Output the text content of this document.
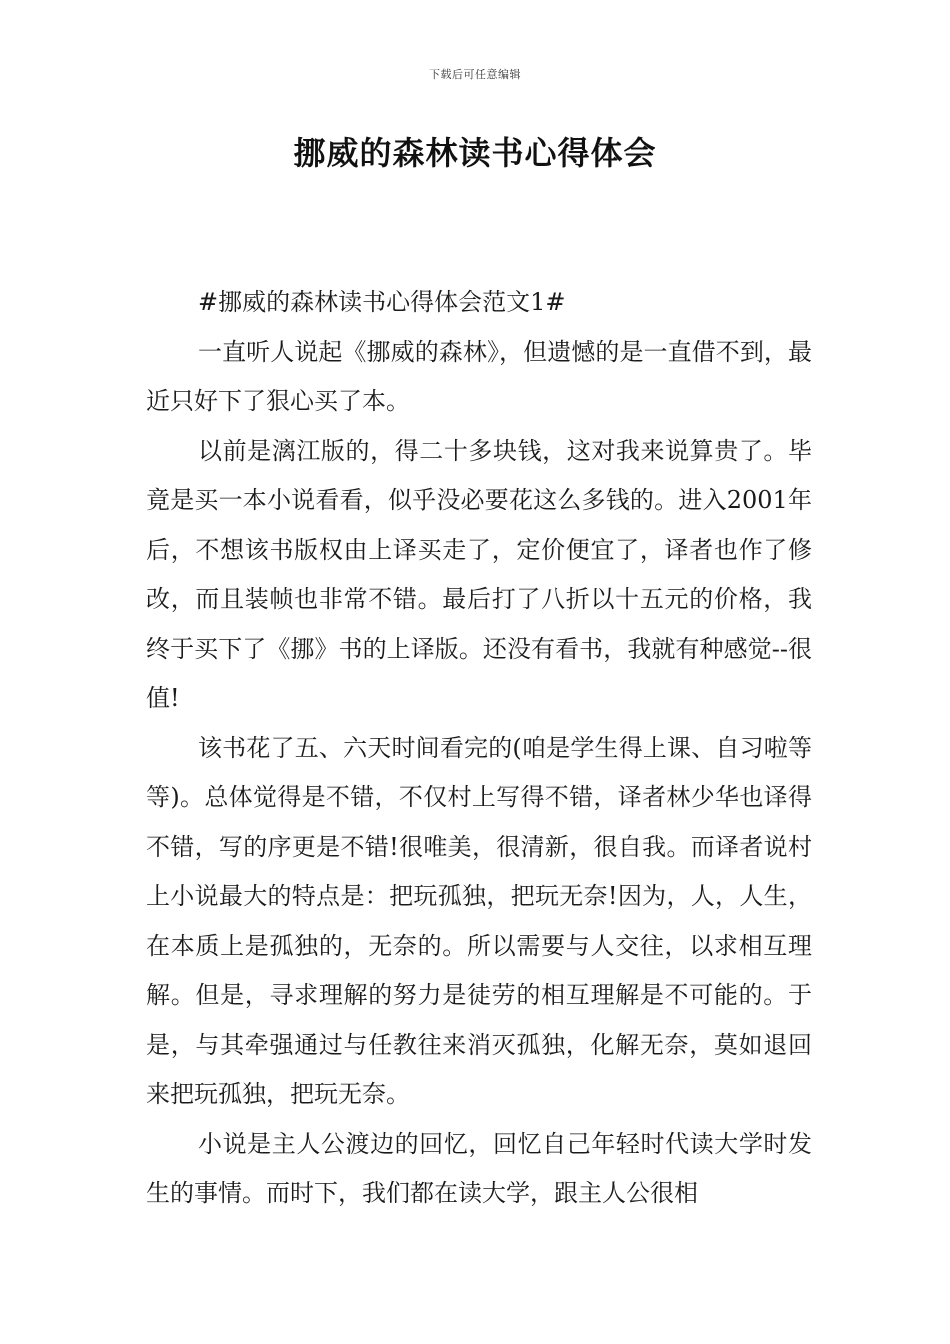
下载后可任意编辑
挪威的森林读书心得体会

#挪威的森林读书心得体会范文1#

一直听人说起《挪威的森林》，但遗憾的是一直借不到，最近只好下了狠心买了本。

以前是漓江版的，得二十多块钱，这对我来说算贵了。毕竟是买一本小说看看，似乎没必要花这么多钱的。进入2001年后，不想该书版权由上译买走了，定价便宜了，译者也作了修改，而且装帧也非常不错。最后打了八折以十五元的价格，我终于买下了《挪》书的上译版。还没有看书，我就有种感觉--很值!

该书花了五、六天时间看完的(咱是学生得上课、自习啦等等)。总体觉得是不错，不仅村上写得不错，译者林少华也译得不错，写的序更是不错!很唯美，很清新，很自我。而译者说村上小说最大的特点是：把玩孤独，把玩无奈!因为，人，人生，在本质上是孤独的，无奈的。所以需要与人交往，以求相互理解。但是，寻求理解的努力是徒劳的相互理解是不可能的。于是，与其牵强通过与任教往来消灭孤独，化解无奈，莫如退回来把玩孤独，把玩无奈。

小说是主人公渡边的回忆，回忆自己年轻时代读大学时发生的事情。而时下，我们都在读大学，跟主人公很相
